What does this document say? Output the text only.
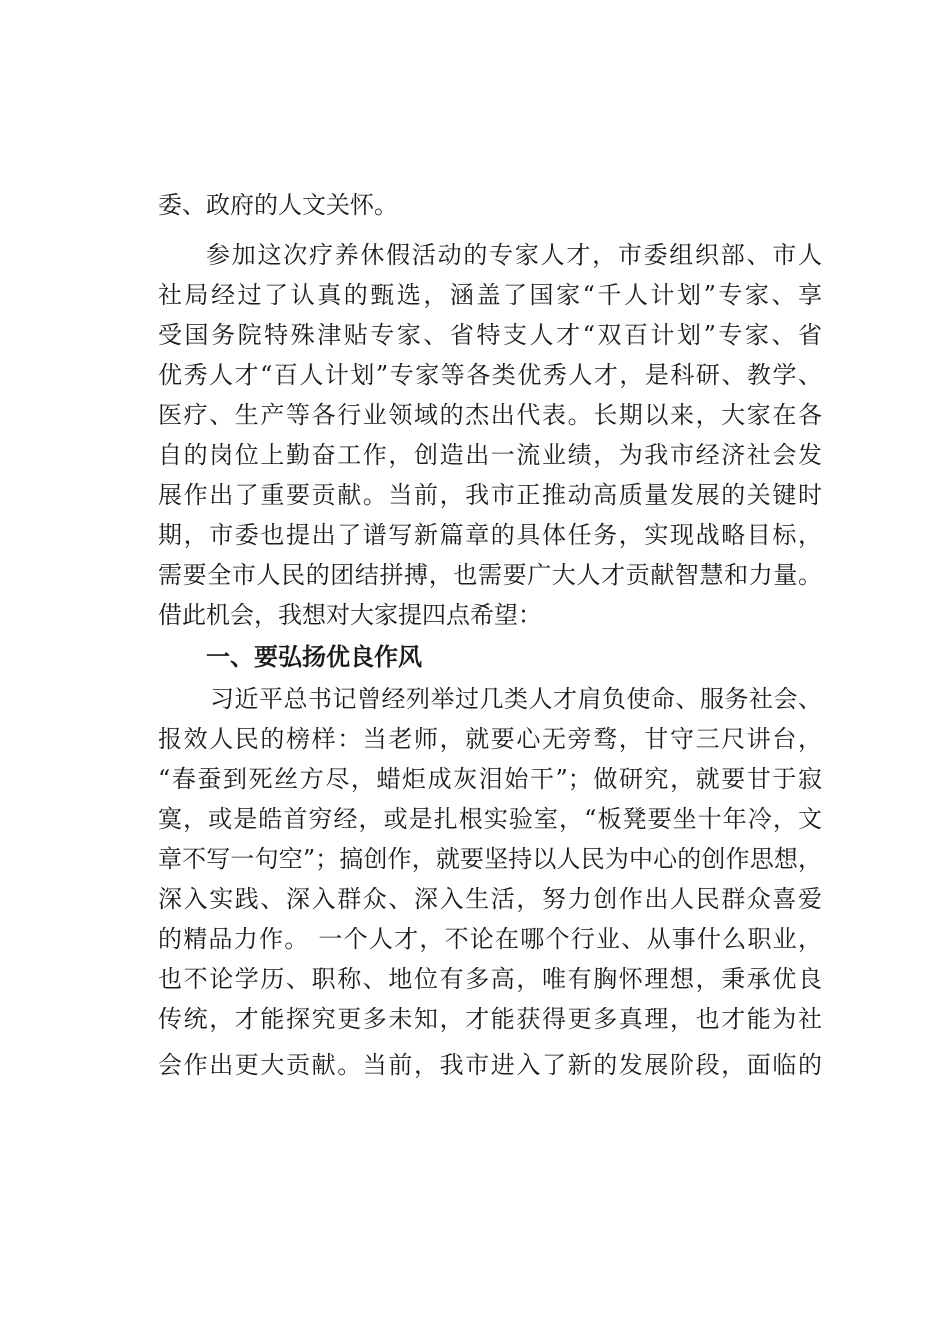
委、政府的人文关怀。
参加这次疗养休假活动的专家人才，市委组织部、市人
社局经过了认真的甄选，涵盖了国家“千人计划”专家、享
受国务院特殊津贴专家、省特支人才“双百计划”专家、省
优秀人才“百人计划”专家等各类优秀人才，是科研、教学、
医疗、生产等各行业领域的杰出代表。长期以来，大家在各
自的岗位上勤奋工作，创造出一流业绩，为我市经济社会发
展作出了重要贡献。当前，我市正推动高质量发展的关键时
期，市委也提出了谱写新篇章的具体任务，实现战略目标，
需要全市人民的团结拼搏，也需要广大人才贡献智慧和力量。
借此机会，我想对大家提四点希望：
一、要弘扬优良作风
习近平总书记曾经列举过几类人才肩负使命、服务社会、
报效人民的榜样：当老师，就要心无旁骛，甘守三尺讲台，
“春蚕到死丝方尽，蜡炬成灰泪始干”；做研究，就要甘于寂
寞，或是皓首穷经，或是扎根实验室，“板凳要坐十年冷，文
章不写一句空”；搞创作，就要坚持以人民为中心的创作思想，
深入实践、深入群众、深入生活，努力创作出人民群众喜爱
的精品力作。 一个人才，不论在哪个行业、从事什么职业，
也不论学历、职称、地位有多高，唯有胸怀理想，秉承优良
传统，才能探究更多未知，才能获得更多真理，也才能为社
会作出更大贡献。当前，我市进入了新的发展阶段，面临的
